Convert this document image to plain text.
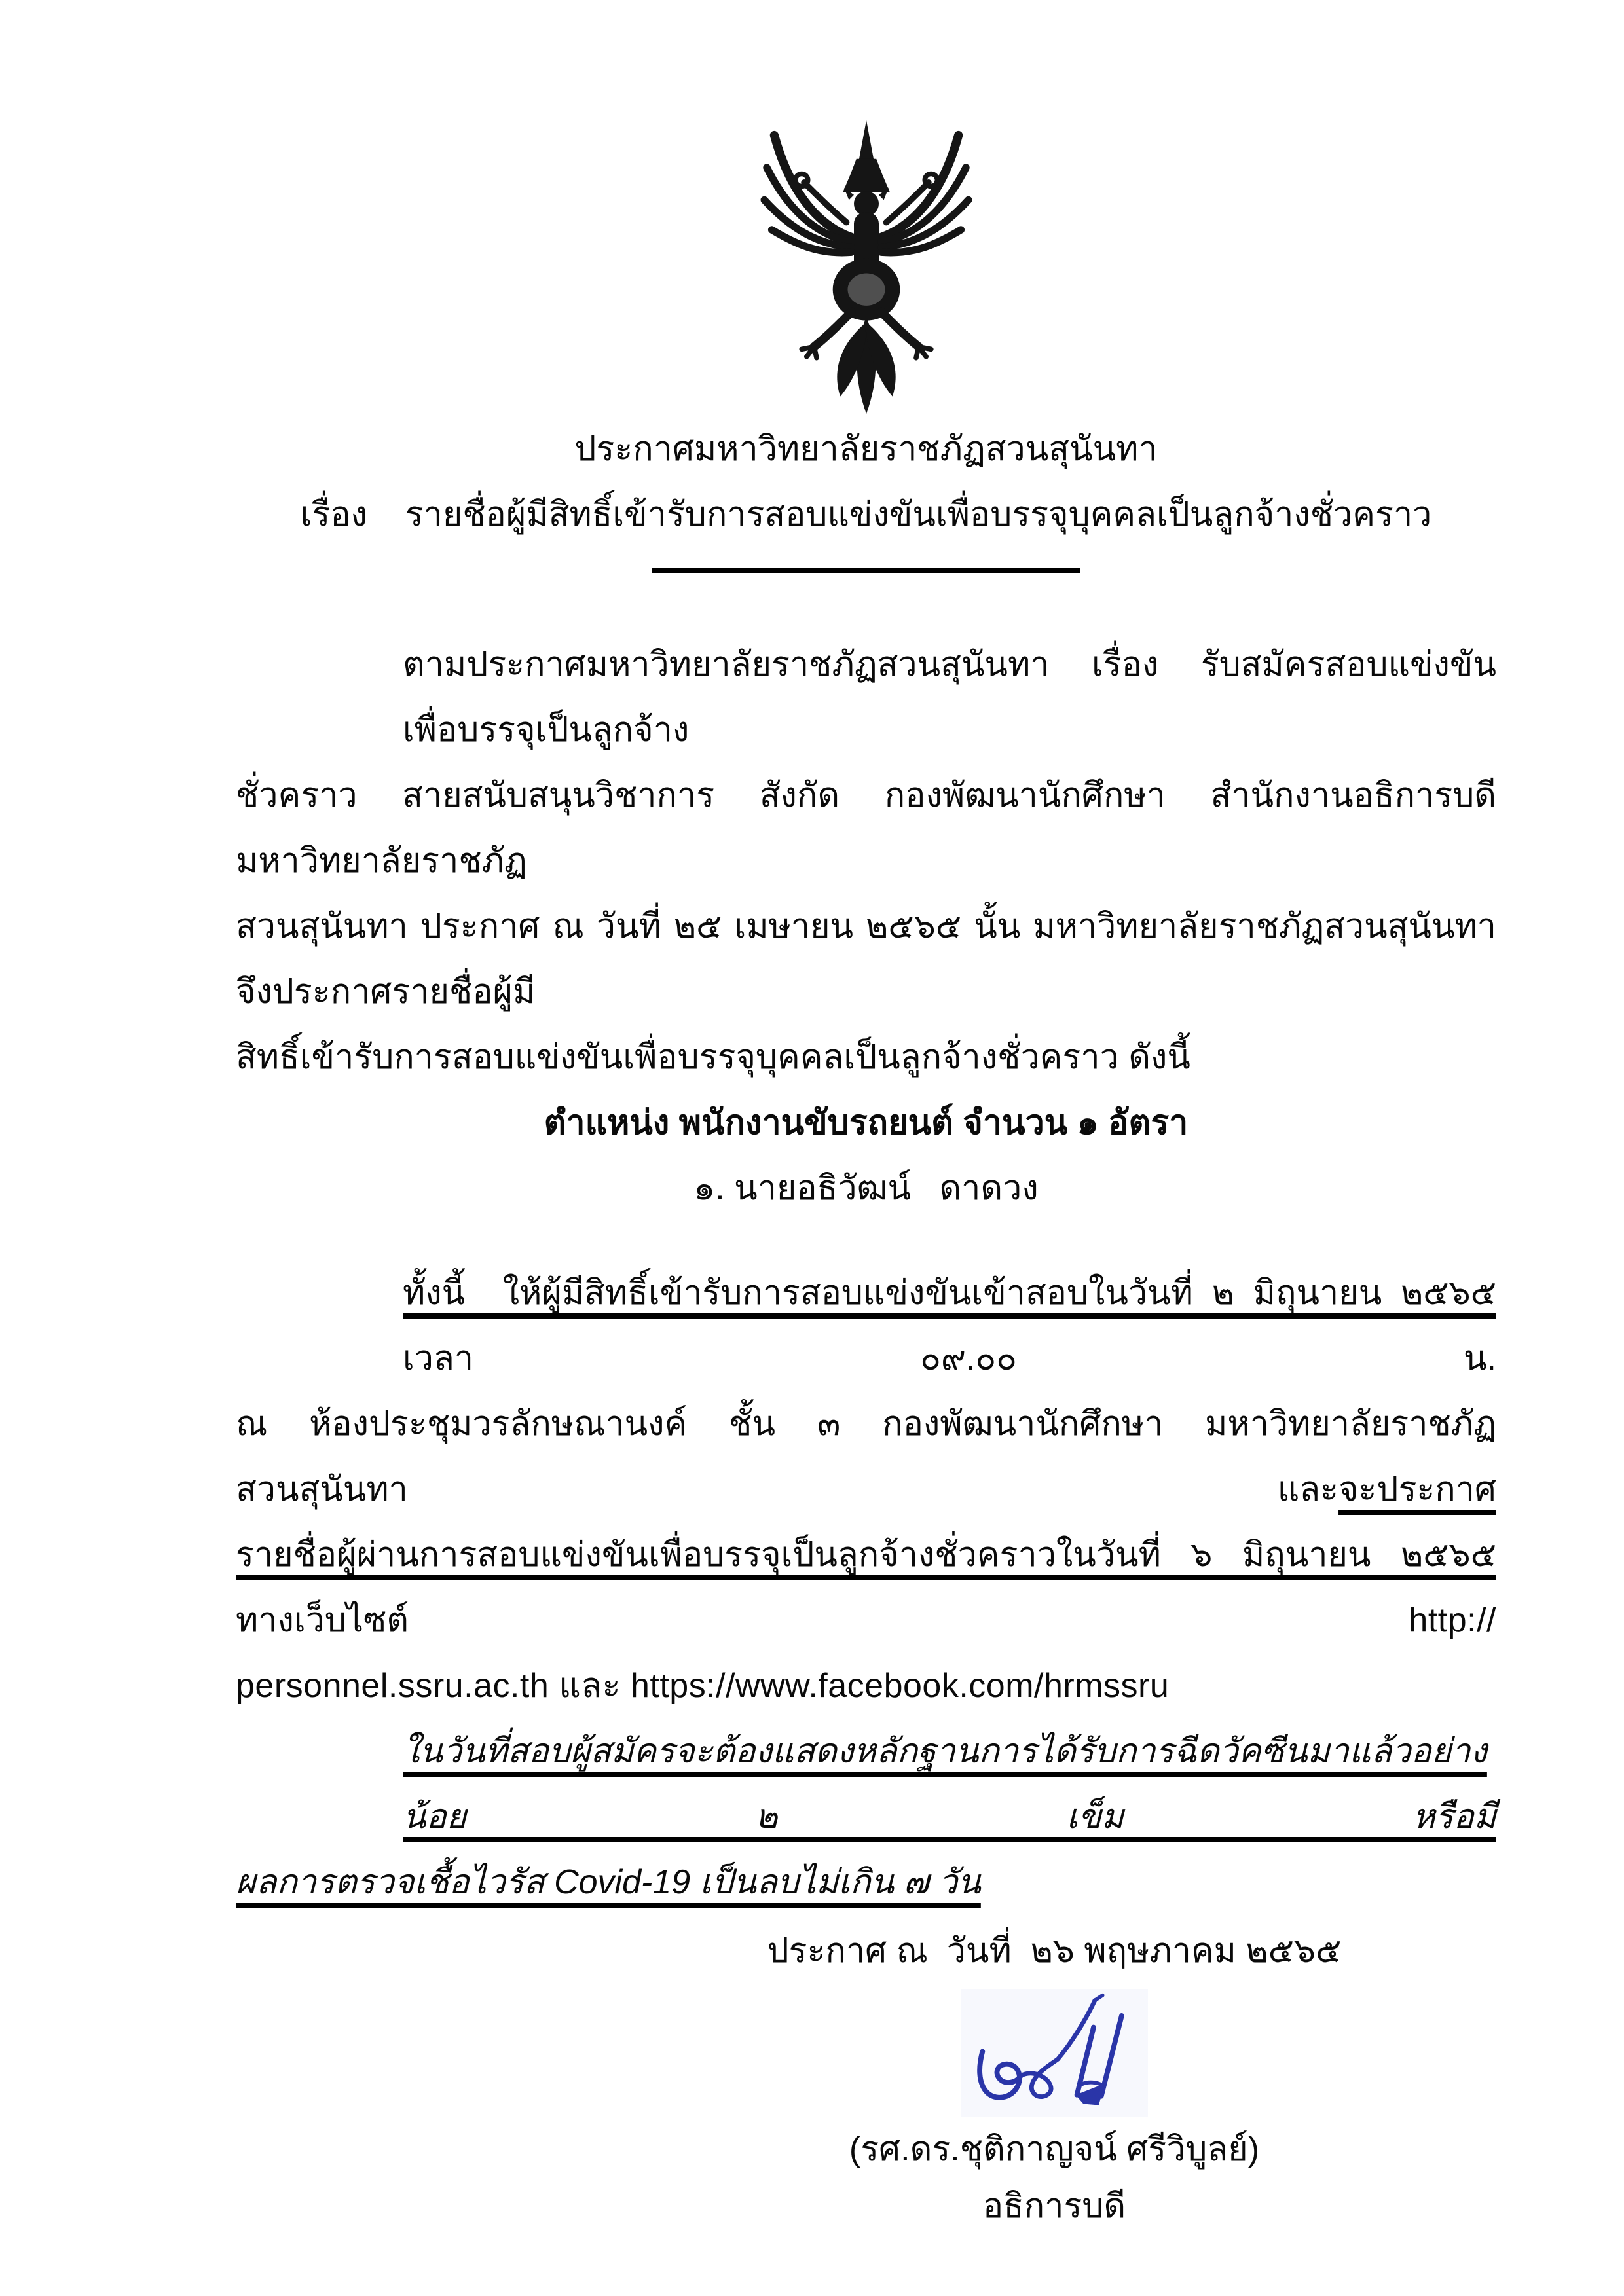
ประกาศมหาวิทยาลัยราชภัฏสวนสุนันทา
เรื่อง    รายชื่อผู้มีสิทธิ์เข้ารับการสอบแข่งขันเพื่อบรรจุบุคคลเป็นลูกจ้างชั่วคราว
ตามประกาศมหาวิทยาลัยราชภัฏสวนสุนันทา  เรื่อง  รับสมัครสอบแข่งขันเพื่อบรรจุเป็นลูกจ้าง
ชั่วคราว  สายสนับสนุนวิชาการ  สังกัด  กองพัฒนานักศึกษา  สำนักงานอธิการบดี  มหาวิทยาลัยราชภัฏ
สวนสุนันทา ประกาศ ณ วันที่ ๒๕ เมษายน ๒๕๖๕ นั้น มหาวิทยาลัยราชภัฏสวนสุนันทาจึงประกาศรายชื่อผู้มี
สิทธิ์เข้ารับการสอบแข่งขันเพื่อบรรจุบุคคลเป็นลูกจ้างชั่วคราว ดังนี้
ตำแหน่ง พนักงานขับรถยนต์ จำนวน ๑ อัตรา
๑. นายอธิวัฒน์   ดาดวง
ทั้งนี้  ให้ผู้มีสิทธิ์เข้ารับการสอบแข่งขันเข้าสอบในวันที่ ๒ มิถุนายน ๒๕๖๕  เวลา ๐๙.๐๐ น.
ณ ห้องประชุมวรลักษณานงค์ ชั้น ๓ กองพัฒนานักศึกษา มหาวิทยาลัยราชภัฏสวนสุนันทา และจะประกาศ
รายชื่อผู้ผ่านการสอบแข่งขันเพื่อบรรจุเป็นลูกจ้างชั่วคราวในวันที่ ๖ มิถุนายน ๒๕๖๕ ทางเว็บไซต์ http://
personnel.ssru.ac.th และ https://www.facebook.com/hrmssru
ในวันที่สอบผู้สมัครจะต้องแสดงหลักฐานการได้รับการฉีดวัคซีนมาแล้วอย่างน้อย ๒ เข็ม หรือมี
ผลการตรวจเชื้อไวรัส Covid-19 เป็นลบไม่เกิน ๗ วัน
ประกาศ ณ  วันที่  ๒๖ พฤษภาคม ๒๕๖๕
(รศ.ดร.ชุติกาญจน์ ศรีวิบูลย์)
อธิการบดี
